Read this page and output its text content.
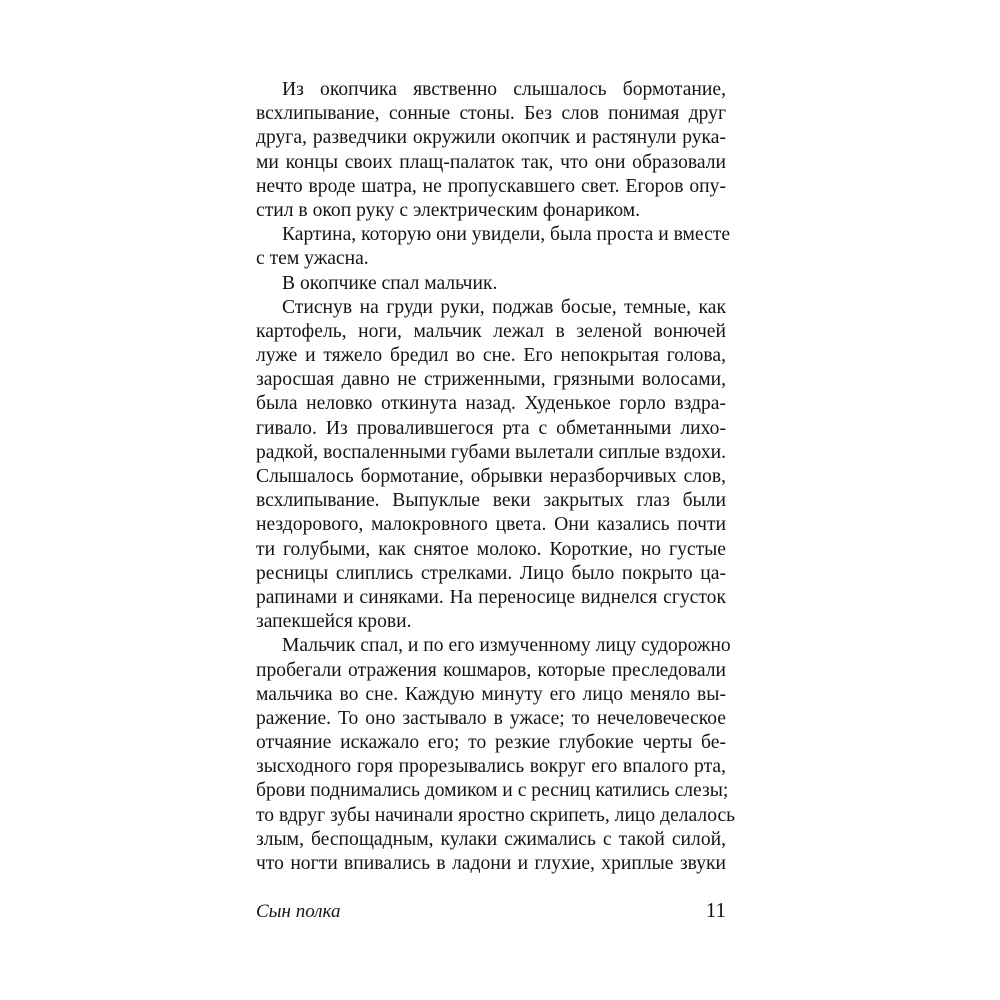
Из окопчика явственно слышалось бормотание,
всхлипывание, сонные стоны. Без слов понимая друг
друга, разведчики окружили окопчик и растянули рука-
ми концы своих плащ-палаток так, что они образовали
нечто вроде шатра, не пропускавшего свет. Егоров опу-
стил в окоп руку с электрическим фонариком.
Картина, которую они увидели, была проста и вместе
с тем ужасна.
В окопчике спал мальчик.
Стиснув на груди руки, поджав босые, темные, как
картофель, ноги, мальчик лежал в зеленой вонючей
луже и тяжело бредил во сне. Его непокрытая голова,
заросшая давно не стриженными, грязными волосами,
была неловко откинута назад. Худенькое горло вздра-
гивало. Из провалившегося рта с обметанными лихо-
радкой, воспаленными губами вылетали сиплые вздохи.
Слышалось бормотание, обрывки неразборчивых слов,
всхлипывание. Выпуклые веки закрытых глаз были
нездорового, малокровного цвета. Они казались почти
ти голубыми, как снятое молоко. Короткие, но густые
ресницы слиплись стрелками. Лицо было покрыто ца-
рапинами и синяками. На переносице виднелся сгусток
запекшейся крови.
Мальчик спал, и по его измученному лицу судорожно
пробегали отражения кошмаров, которые преследовали
мальчика во сне. Каждую минуту его лицо меняло вы-
ражение. То оно застывало в ужасе; то нечеловеческое
отчаяние искажало его; то резкие глубокие черты бе-
зысходного горя прорезывались вокруг его впалого рта,
брови поднимались домиком и с ресниц катились слезы;
то вдруг зубы начинали яростно скрипеть, лицо делалось
злым, беспощадным, кулаки сжимались с такой силой,
что ногти впивались в ладони и глухие, хриплые звуки
Сын полка	11
